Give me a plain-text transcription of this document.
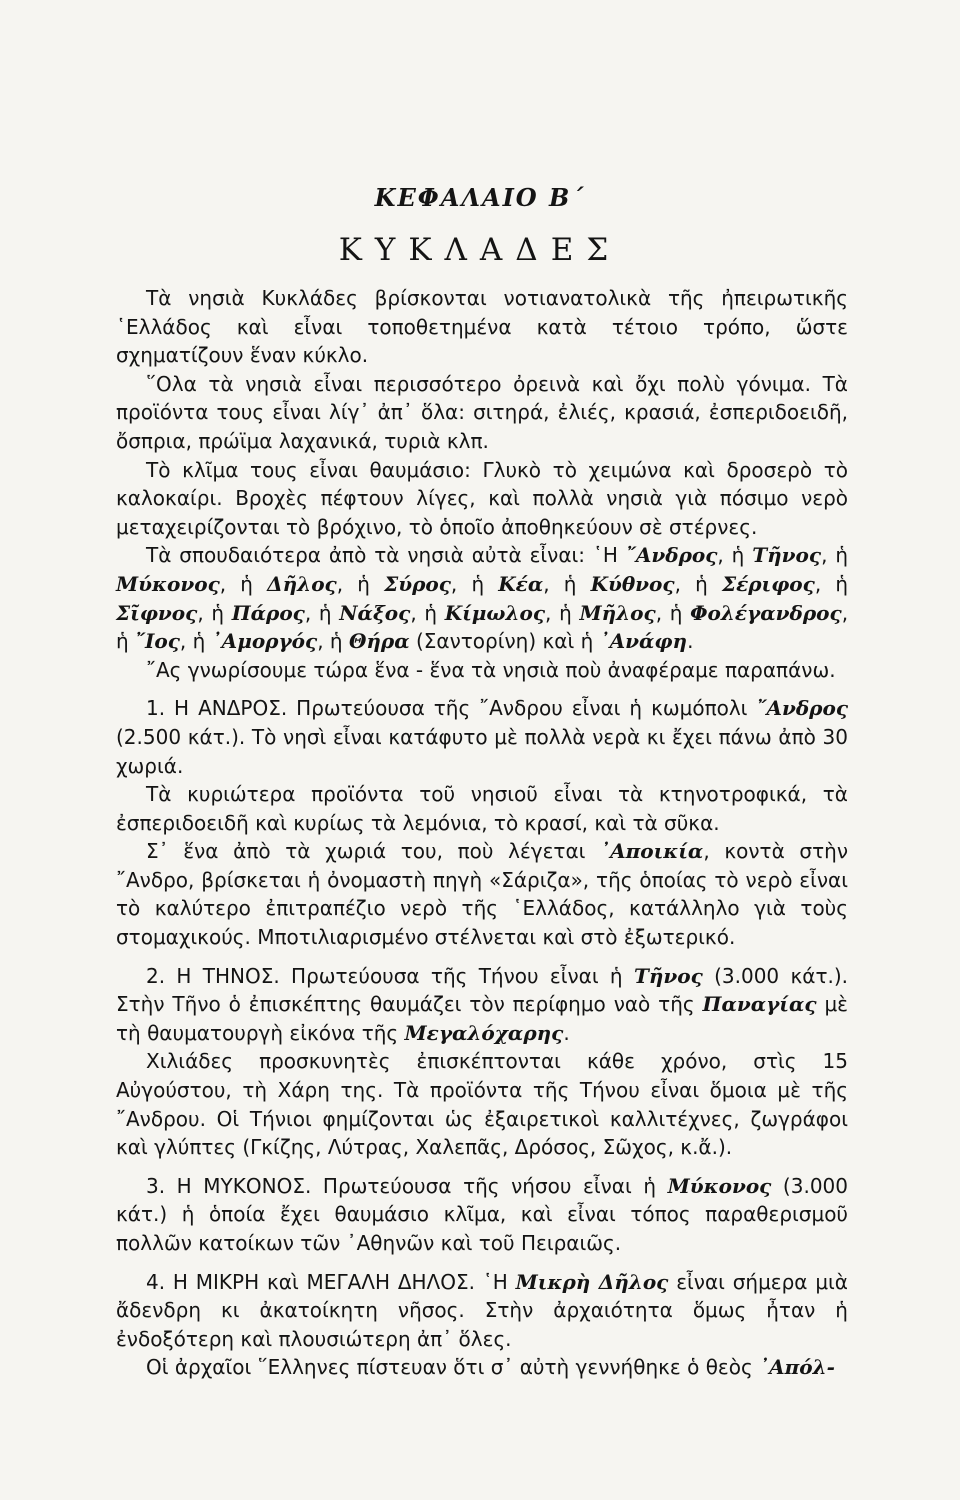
ΚΕΦΑΛΑΙΟ Β΄
ΚΥΚΛΑΔΕΣ

Τὰ νησιὰ Κυκλάδες βρίσκονται νοτιανατολικὰ τῆς ἠπειρωτικῆς ῾Ελλάδος καὶ εἶναι τοποθετημένα κατὰ τέτοιο τρόπο, ὥστε σχηματίζουν ἕναν κύκλο.

῞Ολα τὰ νησιὰ εἶναι περισσότερο ὀρεινὰ καὶ ὄχι πολὺ γόνιμα. Τὰ προϊόντα τους εἶναι λίγ᾽ ἀπ᾽ ὅλα: σιτηρά, ἐλιές, κρασιά, ἐσπεριδοειδῆ, ὄσπρια, πρώϊμα λαχανικά, τυριὰ κλπ.

Τὸ κλῖμα τους εἶναι θαυμάσιο: Γλυκὸ τὸ χειμώνα καὶ δροσερὸ τὸ καλοκαίρι. Βροχὲς πέφτουν λίγες, καὶ πολλὰ νησιὰ γιὰ πόσιμο νερὸ μεταχειρίζονται τὸ βρόχινο, τὸ ὁποῖο ἀποθηκεύουν σὲ στέρνες.

Τὰ σπουδαιότερα ἀπὸ τὰ νησιὰ αὐτὰ εἶναι: ῾Η ῎Ανδρος, ἡ Τῆνος, ἡ Μύκονος, ἡ Δῆλος, ἡ Σύρος, ἡ Κέα, ἡ Κύθνος, ἡ Σέριφος, ἡ Σῖφνος, ἡ Πάρος, ἡ Νάξος, ἡ Κίμωλος, ἡ Μῆλος, ἡ Φολέγανδρος, ἡ ῎Ιος, ἡ ᾿Αμοργός, ἡ Θήρα (Σαντορίνη) καὶ ἡ ᾿Ανάφη.

῎Ας γνωρίσουμε τώρα ἕνα - ἕνα τὰ νησιὰ ποὺ ἀναφέραμε παραπάνω.

1. Η ΑΝΔΡΟΣ. Πρωτεύουσα τῆς ῎Ανδρου εἶναι ἡ κωμόπολι ῎Ανδρος (2.500 κάτ.). Τὸ νησὶ εἶναι κατάφυτο μὲ πολλὰ νερὰ κι ἔχει πάνω ἀπὸ 30 χωριά.

Τὰ κυριώτερα προϊόντα τοῦ νησιοῦ εἶναι τὰ κτηνοτροφικά, τὰ ἐσπεριδοειδῆ καὶ κυρίως τὰ λεμόνια, τὸ κρασί, καὶ τὰ σῦκα.

Σ᾽ ἕνα ἀπὸ τὰ χωριά του, ποὺ λέγεται ᾿Αποικία, κοντὰ στὴν ῎Ανδρο, βρίσκεται ἡ ὀνομαστὴ πηγὴ «Σάριζα», τῆς ὁποίας τὸ νερὸ εἶναι τὸ καλύτερο ἐπιτραπέζιο νερὸ τῆς ῾Ελλάδος, κατάλληλο γιὰ τοὺς στομαχικούς. Μποτιλιαρισμένο στέλνεται καὶ στὸ ἐξωτερικό.

2. Η ΤΗΝΟΣ. Πρωτεύουσα τῆς Τήνου εἶναι ἡ Τῆνος (3.000 κάτ.). Στὴν Τῆνο ὁ ἐπισκέπτης θαυμάζει τὸν περίφημο ναὸ τῆς Παναγίας μὲ τὴ θαυματουργὴ εἰκόνα τῆς Μεγαλόχαρης.

Χιλιάδες προσκυνητὲς ἐπισκέπτονται κάθε χρόνο, στὶς 15 Αὐγούστου, τὴ Χάρη της. Τὰ προϊόντα τῆς Τήνου εἶναι ὅμοια μὲ τῆς ῎Ανδρου. Οἱ Τήνιοι φημίζονται ὡς ἐξαιρετικοὶ καλλιτέχνες, ζωγράφοι καὶ γλύπτες (Γκίζης, Λύτρας, Χαλεπᾶς, Δρόσος, Σῶχος, κ.ἄ.).

3. Η ΜΥΚΟΝΟΣ. Πρωτεύουσα τῆς νήσου εἶναι ἡ Μύκονος (3.000 κάτ.) ἡ ὁποία ἔχει θαυμάσιο κλῖμα, καὶ εἶναι τόπος παραθερισμοῦ πολλῶν κατοίκων τῶν ᾿Αθηνῶν καὶ τοῦ Πειραιῶς.

4. Η ΜΙΚΡΗ καὶ ΜΕΓΑΛΗ ΔΗΛΟΣ. ῾Η Μικρὴ Δῆλος εἶναι σήμερα μιὰ ἄδενδρη κι ἀκατοίκητη νῆσος. Στὴν ἀρχαιότητα ὅμως ἦταν ἡ ἐνδοξότερη καὶ πλουσιώτερη ἀπ᾽ ὅλες.

Οἱ ἀρχαῖοι ῞Ελληνες πίστευαν ὅτι σ᾽ αὐτὴ γεννήθηκε ὁ θεὸς ᾿Απόλ-
